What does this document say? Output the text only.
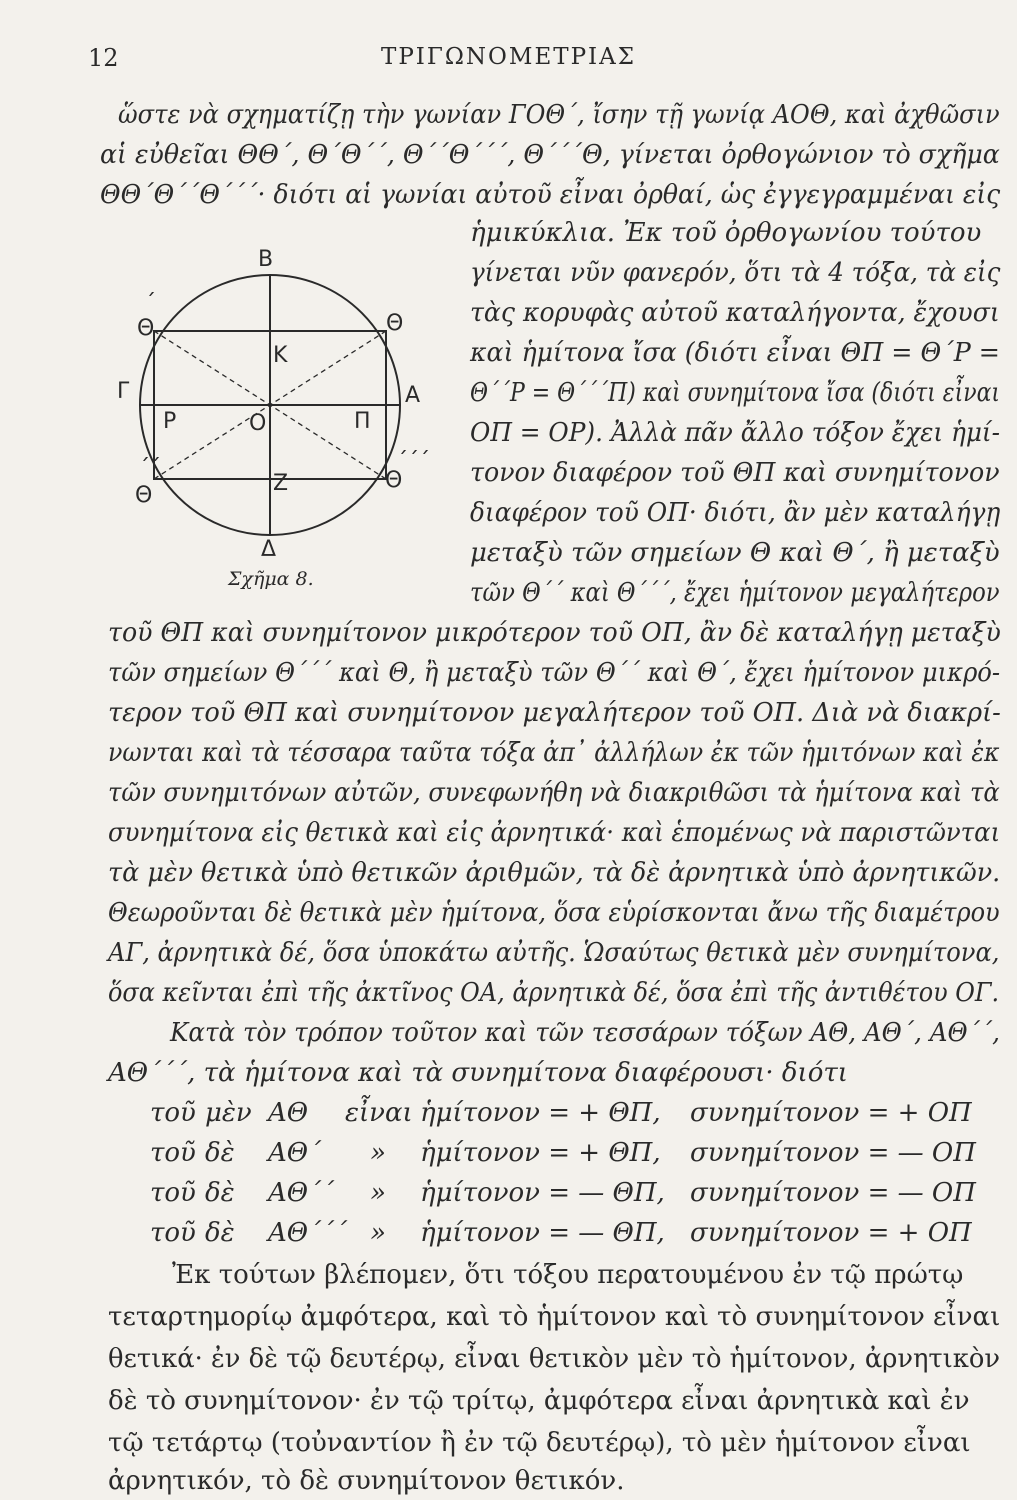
12	ΤΡΙΓΩΝΟΜΕΤΡΙΑΣ
ὥστε νὰ σχηματίζῃ τὴν γωνίαν ΓΟΘ΄, ἴσην τῇ γωνίᾳ ΑΟΘ, καὶ ἀχθῶσιν
αἱ εὐθεῖαι ΘΘ΄, Θ΄Θ΄΄, Θ΄΄Θ΄΄΄, Θ΄΄΄Θ, γίνεται ὀρθογώνιον τὸ σχῆμα
ΘΘ΄Θ΄΄Θ΄΄΄· διότι αἱ γωνίαι αὐτοῦ εἶναι ὀρθαί, ὡς ἐγγεγραμμέναι εἰς
ἡμικύκλια. Ἐκ τοῦ ὀρθογωνίου τούτου
γίνεται νῦν φανερόν, ὅτι τὰ 4 τόξα, τὰ εἰς
τὰς κορυφὰς αὐτοῦ καταλήγοντα, ἔχουσι
καὶ ἡμίτονα ἴσα (διότι εἶναι ΘΠ = Θ΄Ρ =
Θ΄΄Ρ = Θ΄΄΄Π) καὶ συνημίτονα ἴσα (διότι εἶναι
ΟΠ = ΟΡ). Ἀλλὰ πᾶν ἄλλο τόξον ἔχει ἡμί-
τονον διαφέρον τοῦ ΘΠ καὶ συνημίτονον
διαφέρον τοῦ ΟΠ· διότι, ἂν μὲν καταλήγῃ
μεταξὺ τῶν σημείων Θ καὶ Θ΄, ἢ μεταξὺ
τῶν Θ΄΄ καὶ Θ΄΄΄, ἔχει ἡμίτονον μεγαλήτερον
B
K
Γ	A
P	O	Π
Z
Δ
Θ
΄
Θ
Θ
΄΄	Θ
΄΄΄
Σχῆμα 8.
τοῦ ΘΠ καὶ συνημίτονον μικρότερον τοῦ ΟΠ, ἂν δὲ καταλήγῃ μεταξὺ
τῶν σημείων Θ΄΄΄ καὶ Θ, ἢ μεταξὺ τῶν Θ΄΄ καὶ Θ΄, ἔχει ἡμίτονον μικρό-
τερον τοῦ ΘΠ καὶ συνημίτονον μεγαλήτερον τοῦ ΟΠ. Διὰ νὰ διακρί-
νωνται καὶ τὰ τέσσαρα ταῦτα τόξα ἀπ᾿ ἀλλήλων ἐκ τῶν ἡμιτόνων καὶ ἐκ
τῶν συνημιτόνων αὐτῶν, συνεφωνήθη νὰ διακριθῶσι τὰ ἡμίτονα καὶ τὰ
συνημίτονα εἰς θετικὰ καὶ εἰς ἀρνητικά· καὶ ἑπομένως νὰ παριστῶνται
τὰ μὲν θετικὰ ὑπὸ θετικῶν ἀριθμῶν, τὰ δὲ ἀρνητικὰ ὑπὸ ἀρνητικῶν.
Θεωροῦνται δὲ θετικὰ μὲν ἡμίτονα, ὅσα εὑρίσκονται ἄνω τῆς διαμέτρου
ΑΓ, ἀρνητικὰ δέ, ὅσα ὑποκάτω αὐτῆς. Ὡσαύτως θετικὰ μὲν συνημίτονα,
ὅσα κεῖνται ἐπὶ τῆς ἀκτῖνος ΟΑ, ἀρνητικὰ δέ, ὅσα ἐπὶ τῆς ἀντιθέτου ΟΓ.
Κατὰ τὸν τρόπον τοῦτον καὶ τῶν τεσσάρων τόξων ΑΘ, ΑΘ΄, ΑΘ΄΄,
ΑΘ΄΄΄, τὰ ἡμίτονα καὶ τὰ συνημίτονα διαφέρουσι· διότι
τοῦ μὲν ΑΘ εἶναι ἡμίτονον = + ΘΠ, συνημίτονον = + ΟΠ
τοῦ δὲ ΑΘ΄ » ἡμίτονον = + ΘΠ, συνημίτονον = — ΟΠ
τοῦ δὲ ΑΘ΄΄ » ἡμίτονον = — ΘΠ, συνημίτονον = — ΟΠ
τοῦ δὲ ΑΘ΄΄΄ » ἡμίτονον = — ΘΠ, συνημίτονον = + ΟΠ
Ἐκ τούτων βλέπομεν, ὅτι τόξου περατουμένου ἐν τῷ πρώτῳ
τεταρτημορίῳ ἀμφότερα, καὶ τὸ ἡμίτονον καὶ τὸ συνημίτονον εἶναι
θετικά· ἐν δὲ τῷ δευτέρῳ, εἶναι θετικὸν μὲν τὸ ἡμίτονον, ἀρνητικὸν
δὲ τὸ συνημίτονον· ἐν τῷ τρίτῳ, ἀμφότερα εἶναι ἀρνητικὰ καὶ ἐν
τῷ τετάρτῳ (τοὐναντίον ἢ ἐν τῷ δευτέρῳ), τὸ μὲν ἡμίτονον εἶναι
ἀρνητικόν, τὸ δὲ συνημίτονον θετικόν.
